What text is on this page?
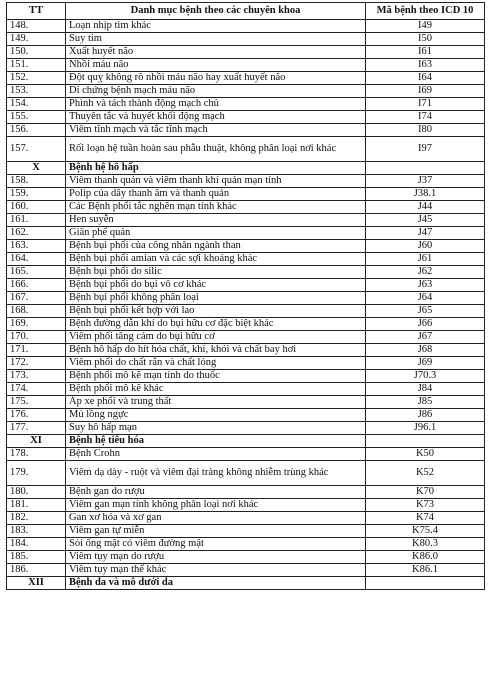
TT	Danh mục bệnh theo các chuyên khoa	Mã bệnh theo ICD 10
148.	Loạn nhịp tim khác	I49
149.	Suy tim	I50
150.	Xuất huyết não	I61
151.	Nhồi máu não	I63
152.	Đột quỵ không rõ nhồi máu não hay xuất huyết não	I64
153.	Di chứng bệnh mạch máu não	I69
154.	Phình và tách thành động mạch chủ	I71
155.	Thuyên tắc và huyết khối động mạch	I74
156.	Viêm tĩnh mạch và tắc tĩnh mạch	I80
157.	Rối loạn hệ tuần hoàn sau phẫu thuật, không phân loại nơi khác	I97
X	Bệnh hệ hô hấp	
158.	Viêm thanh quản và viêm thanh khí quản mạn tính	J37
159.	Polip của dây thanh âm và thanh quản	J38.1
160.	Các Bệnh phổi tắc nghẽn mạn tính khác	J44
161.	Hen suyễn	J45
162.	Giãn phế quản	J47
163.	Bệnh bụi phổi của công nhân ngành than	J60
164.	Bệnh bụi phổi amian và các sợi khoáng khác	J61
165.	Bệnh bụi phổi do silic	J62
166.	Bệnh bụi phổi do bụi vô cơ khác	J63
167.	Bệnh bụi phổi không phân loại	J64
168.	Bệnh bụi phổi kết hợp với lao	J65
169.	Bệnh đường dẫn khí do bụi hữu cơ đặc biệt khác	J66
170.	Viêm phổi tăng cảm do bụi hữu cơ	J67
171.	Bệnh hô hấp do hít hóa chất, khí, khói và chất bay hơi	J68
172.	Viêm phổi do chất rắn và chất lỏng	J69
173.	Bệnh phổi mô kẽ mạn tính do thuốc	J70.3
174.	Bệnh phổi mô kẽ khác	J84
175.	Áp xe phổi và trung thất	J85
176.	Mủ lồng ngực	J86
177.	Suy hô hấp mạn	J96.1
XI	Bệnh hệ tiêu hóa	
178.	Bệnh Crohn	K50
179.	Viêm dạ dày - ruột và viêm đại tràng không nhiễm trùng khác	K52
180.	Bệnh gan do rượu	K70
181.	Viêm gan mạn tính không phân loại nơi khác	K73
182.	Gan xơ hóa và xơ gan	K74
183.	Viêm gan tự miễn	K75.4
184.	Sỏi ống mật có viêm đường mật	K80.3
185.	Viêm tụy mạn do rượu	K86.0
186.	Viêm tụy mạn thể khác	K86.1
XII	Bệnh da và mô dưới da	
